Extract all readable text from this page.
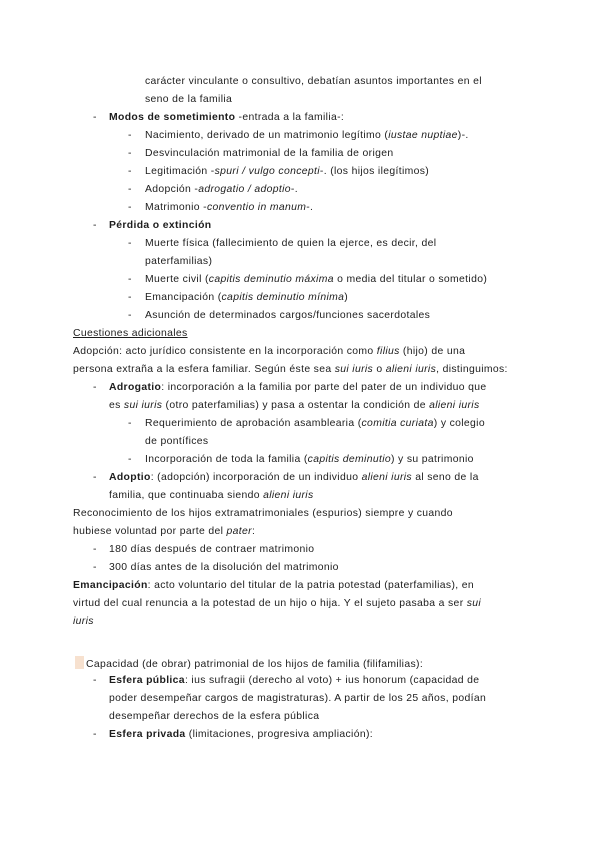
carácter vinculante o consultivo, debatían asuntos importantes en el
seno de la familia
- Modos de sometimiento -entrada a la familia-:
- Nacimiento, derivado de un matrimonio legítimo (iustae nuptiae)-.
- Desvinculación matrimonial de la familia de origen
- Legitimación -spuri / vulgo concepti-. (los hijos ilegítimos)
- Adopción -adrogatio / adoptio-.
- Matrimonio -conventio in manum-.
- Pérdida o extinción
- Muerte física (fallecimiento de quien la ejerce, es decir, del
paterfamilias)
- Muerte civil (capitis deminutio máxima o media del titular o sometido)
- Emancipación (capitis deminutio mínima)
- Asunción de determinados cargos/funciones sacerdotales
Cuestiones adicionales
Adopción: acto jurídico consistente en la incorporación como filius (hijo) de una
persona extraña a la esfera familiar. Según éste sea sui iuris o alieni iuris, distinguimos:
- Adrogatio: incorporación a la familia por parte del pater de un individuo que
es sui iuris (otro paterfamilias) y pasa a ostentar la condición de alieni iuris
- Requerimiento de aprobación asamblearia (comitia curiata) y colegio
de pontífices
- Incorporación de toda la familia (capitis deminutio) y su patrimonio
- Adoptio: (adopción) incorporación de un individuo alieni iuris al seno de la
familia, que continuaba siendo alieni iuris
Reconocimiento de los hijos extramatrimoniales (espurios) siempre y cuando
hubiese voluntad por parte del pater:
- 180 días después de contraer matrimonio
- 300 días antes de la disolución del matrimonio
Emancipación: acto voluntario del titular de la patria potestad (paterfamilias), en
virtud del cual renuncia a la potestad de un hijo o hija. Y el sujeto pasaba a ser sui
iuris
Capacidad (de obrar) patrimonial de los hijos de familia (filifamilias):
- Esfera pública: ius sufragii (derecho al voto) + ius honorum (capacidad de
poder desempeñar cargos de magistraturas). A partir de los 25 años, podían
desempeñar derechos de la esfera pública
- Esfera privada (limitaciones, progresiva ampliación):
